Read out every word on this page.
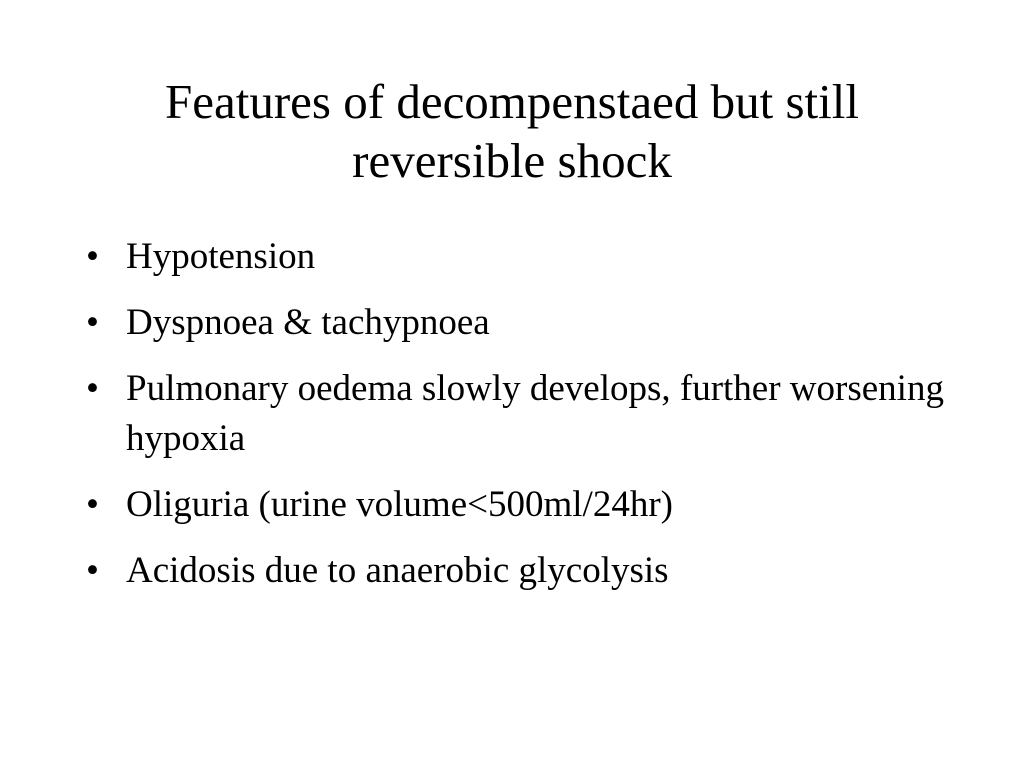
Features of decompenstaed but still
reversible shock
• Hypotension
• Dyspnoea & tachypnoea
• Pulmonary oedema slowly develops, further worsening hypoxia
• Oliguria (urine volume<500ml/24hr)
• Acidosis due to anaerobic glycolysis
